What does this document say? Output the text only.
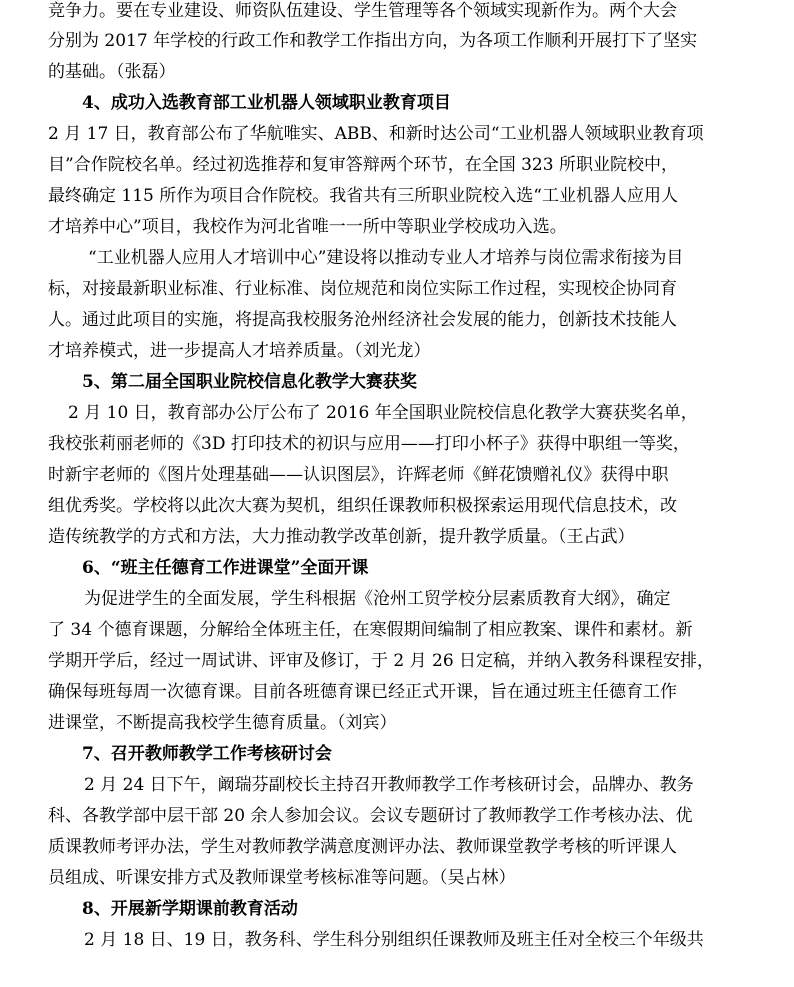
竞争力。要在专业建设、师资队伍建设、学生管理等各个领域实现新作为。两个大会
分别为 2017 年学校的行政工作和教学工作指出方向，为各项工作顺利开展打下了坚实
的基础。（张磊）
4、成功入选教育部工业机器人领域职业教育项目
2 月 17 日，教育部公布了华航唯实、ABB、和新时达公司“工业机器人领域职业教育项
目”合作院校名单。经过初选推荐和复审答辩两个环节，在全国 323 所职业院校中，
最终确定 115 所作为项目合作院校。我省共有三所职业院校入选“工业机器人应用人
才培养中心”项目，我校作为河北省唯一一所中等职业学校成功入选。
“工业机器人应用人才培训中心”建设将以推动专业人才培养与岗位需求衔接为目
标，对接最新职业标准、行业标准、岗位规范和岗位实际工作过程，实现校企协同育
人。通过此项目的实施，将提高我校服务沧州经济社会发展的能力，创新技术技能人
才培养模式，进一步提高人才培养质量。（刘光龙）
5、第二届全国职业院校信息化教学大赛获奖
2 月 10 日，教育部办公厅公布了 2016 年全国职业院校信息化教学大赛获奖名单，
我校张莉丽老师的《3D 打印技术的初识与应用——打印小杯子》获得中职组一等奖，
时新宇老师的《图片处理基础——认识图层》，许辉老师《鲜花馈赠礼仪》获得中职
组优秀奖。学校将以此次大赛为契机，组织任课教师积极探索运用现代信息技术，改
造传统教学的方式和方法，大力推动教学改革创新，提升教学质量。（王占武）
6、“班主任德育工作进课堂”全面开课
为促进学生的全面发展，学生科根据《沧州工贸学校分层素质教育大纲》，确定
了 34 个德育课题，分解给全体班主任，在寒假期间编制了相应教案、课件和素材。新
学期开学后，经过一周试讲、评审及修订，于 2 月 26 日定稿，并纳入教务科课程安排，
确保每班每周一次德育课。目前各班德育课已经正式开课，旨在通过班主任德育工作
进课堂，不断提高我校学生德育质量。（刘宾）
7、召开教师教学工作考核研讨会
2 月 24 日下午，阚瑞芬副校长主持召开教师教学工作考核研讨会，品牌办、教务
科、各教学部中层干部 20 余人参加会议。会议专题研讨了教师教学工作考核办法、优
质课教师考评办法，学生对教师教学满意度测评办法、教师课堂教学考核的听评课人
员组成、听课安排方式及教师课堂考核标准等问题。（吴占林）
8、开展新学期课前教育活动
2 月 18 日、19 日，教务科、学生科分别组织任课教师及班主任对全校三个年级共
